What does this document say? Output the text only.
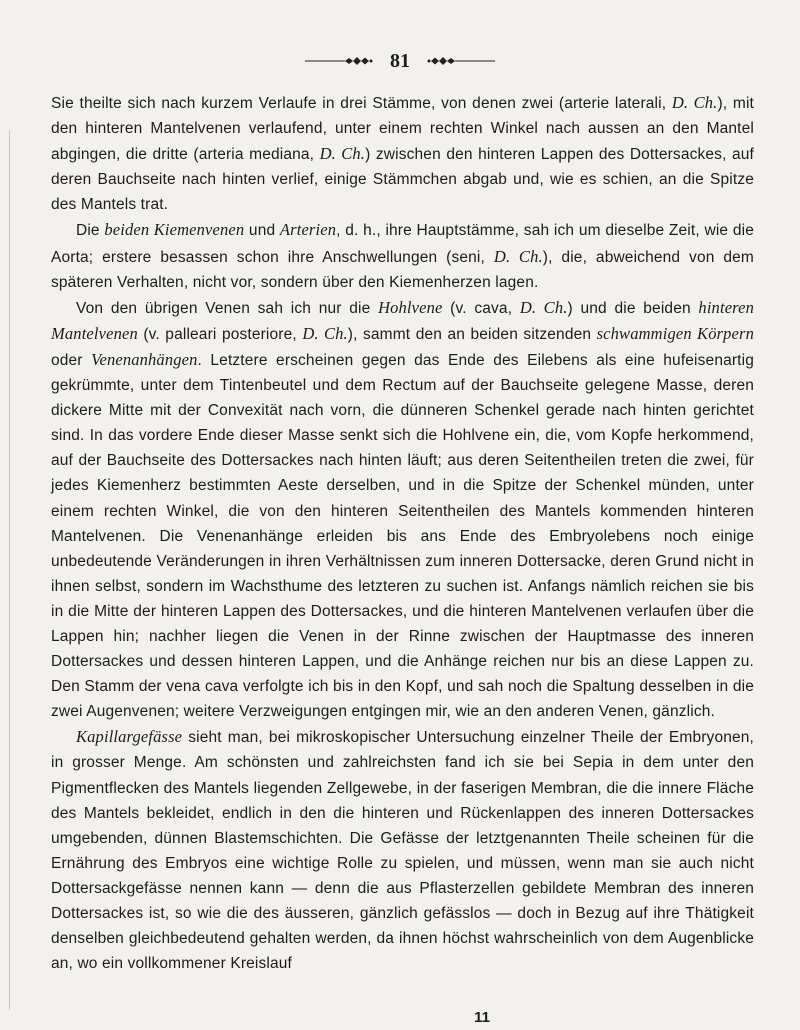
81

Sie theilte sich nach kurzem Verlaufe in drei Stämme, von denen zwei (arterie laterali, D. Ch.), mit den hinteren Mantelvenen verlaufend, unter einem rechten Winkel nach aussen an den Mantel abgingen, die dritte (arteria mediana, D. Ch.) zwischen den hinteren Lappen des Dottersackes, auf deren Bauchseite nach hinten verlief, einige Stämmchen abgab und, wie es schien, an die Spitze des Mantels trat.

Die beiden Kiemenvenen und Arterien, d. h., ihre Hauptstämme, sah ich um dieselbe Zeit, wie die Aorta; erstere besassen schon ihre Anschwellungen (seni, D. Ch.), die, abweichend von dem späteren Verhalten, nicht vor, sondern über den Kiemenherzen lagen.

Von den übrigen Venen sah ich nur die Hohlvene (v. cava, D. Ch.) und die beiden hinteren Mantelvenen (v. palleari posteriore, D. Ch.), sammt den an beiden sitzenden schwammigen Körpern oder Venenanhängen. Letztere erscheinen gegen das Ende des Eilebens als eine hufeisenartig gekrümmte, unter dem Tintenbeutel und dem Rectum auf der Bauchseite gelegene Masse, deren dickere Mitte mit der Convexität nach vorn, die dünneren Schenkel gerade nach hinten gerichtet sind. In das vordere Ende dieser Masse senkt sich die Hohlvene ein, die, vom Kopfe herkommend, auf der Bauchseite des Dottersackes nach hinten läuft; aus deren Seitentheilen treten die zwei, für jedes Kiemenherz bestimmten Aeste derselben, und in die Spitze der Schenkel münden, unter einem rechten Winkel, die von den hinteren Seitentheilen des Mantels kommenden hinteren Mantelvenen. Die Venenanhänge erleiden bis ans Ende des Embryolebens noch einige unbedeutende Veränderungen in ihren Verhältnissen zum inneren Dottersacke, deren Grund nicht in ihnen selbst, sondern im Wachsthume des letzteren zu suchen ist. Anfangs nämlich reichen sie bis in die Mitte der hinteren Lappen des Dottersackes, und die hinteren Mantelvenen verlaufen über die Lappen hin; nachher liegen die Venen in der Rinne zwischen der Hauptmasse des inneren Dottersackes und dessen hinteren Lappen, und die Anhänge reichen nur bis an diese Lappen zu. Den Stamm der vena cava verfolgte ich bis in den Kopf, und sah noch die Spaltung desselben in die zwei Augenvenen; weitere Verzweigungen entgingen mir, wie an den anderen Venen, gänzlich.

Kapillargefässe sieht man, bei mikroskopischer Untersuchung einzelner Theile der Embryonen, in grosser Menge. Am schönsten und zahlreichsten fand ich sie bei Sepia in dem unter den Pigmentflecken des Mantels liegenden Zellgewebe, in der faserigen Membran, die die innere Fläche des Mantels bekleidet, endlich in den die hinteren und Rückenlappen des inneren Dottersackes umgebenden, dünnen Blastemschichten. Die Gefässe der letztgenannten Theile scheinen für die Ernährung des Embryos eine wichtige Rolle zu spielen, und müssen, wenn man sie auch nicht Dottersackgefässe nennen kann — denn die aus Pflasterzellen gebildete Membran des inneren Dottersackes ist, so wie die des äusseren, gänzlich gefässlos — doch in Bezug auf ihre Thätigkeit denselben gleichbedeutend gehalten werden, da ihnen höchst wahrscheinlich von dem Augenblicke an, wo ein vollkommener Kreislauf

11
